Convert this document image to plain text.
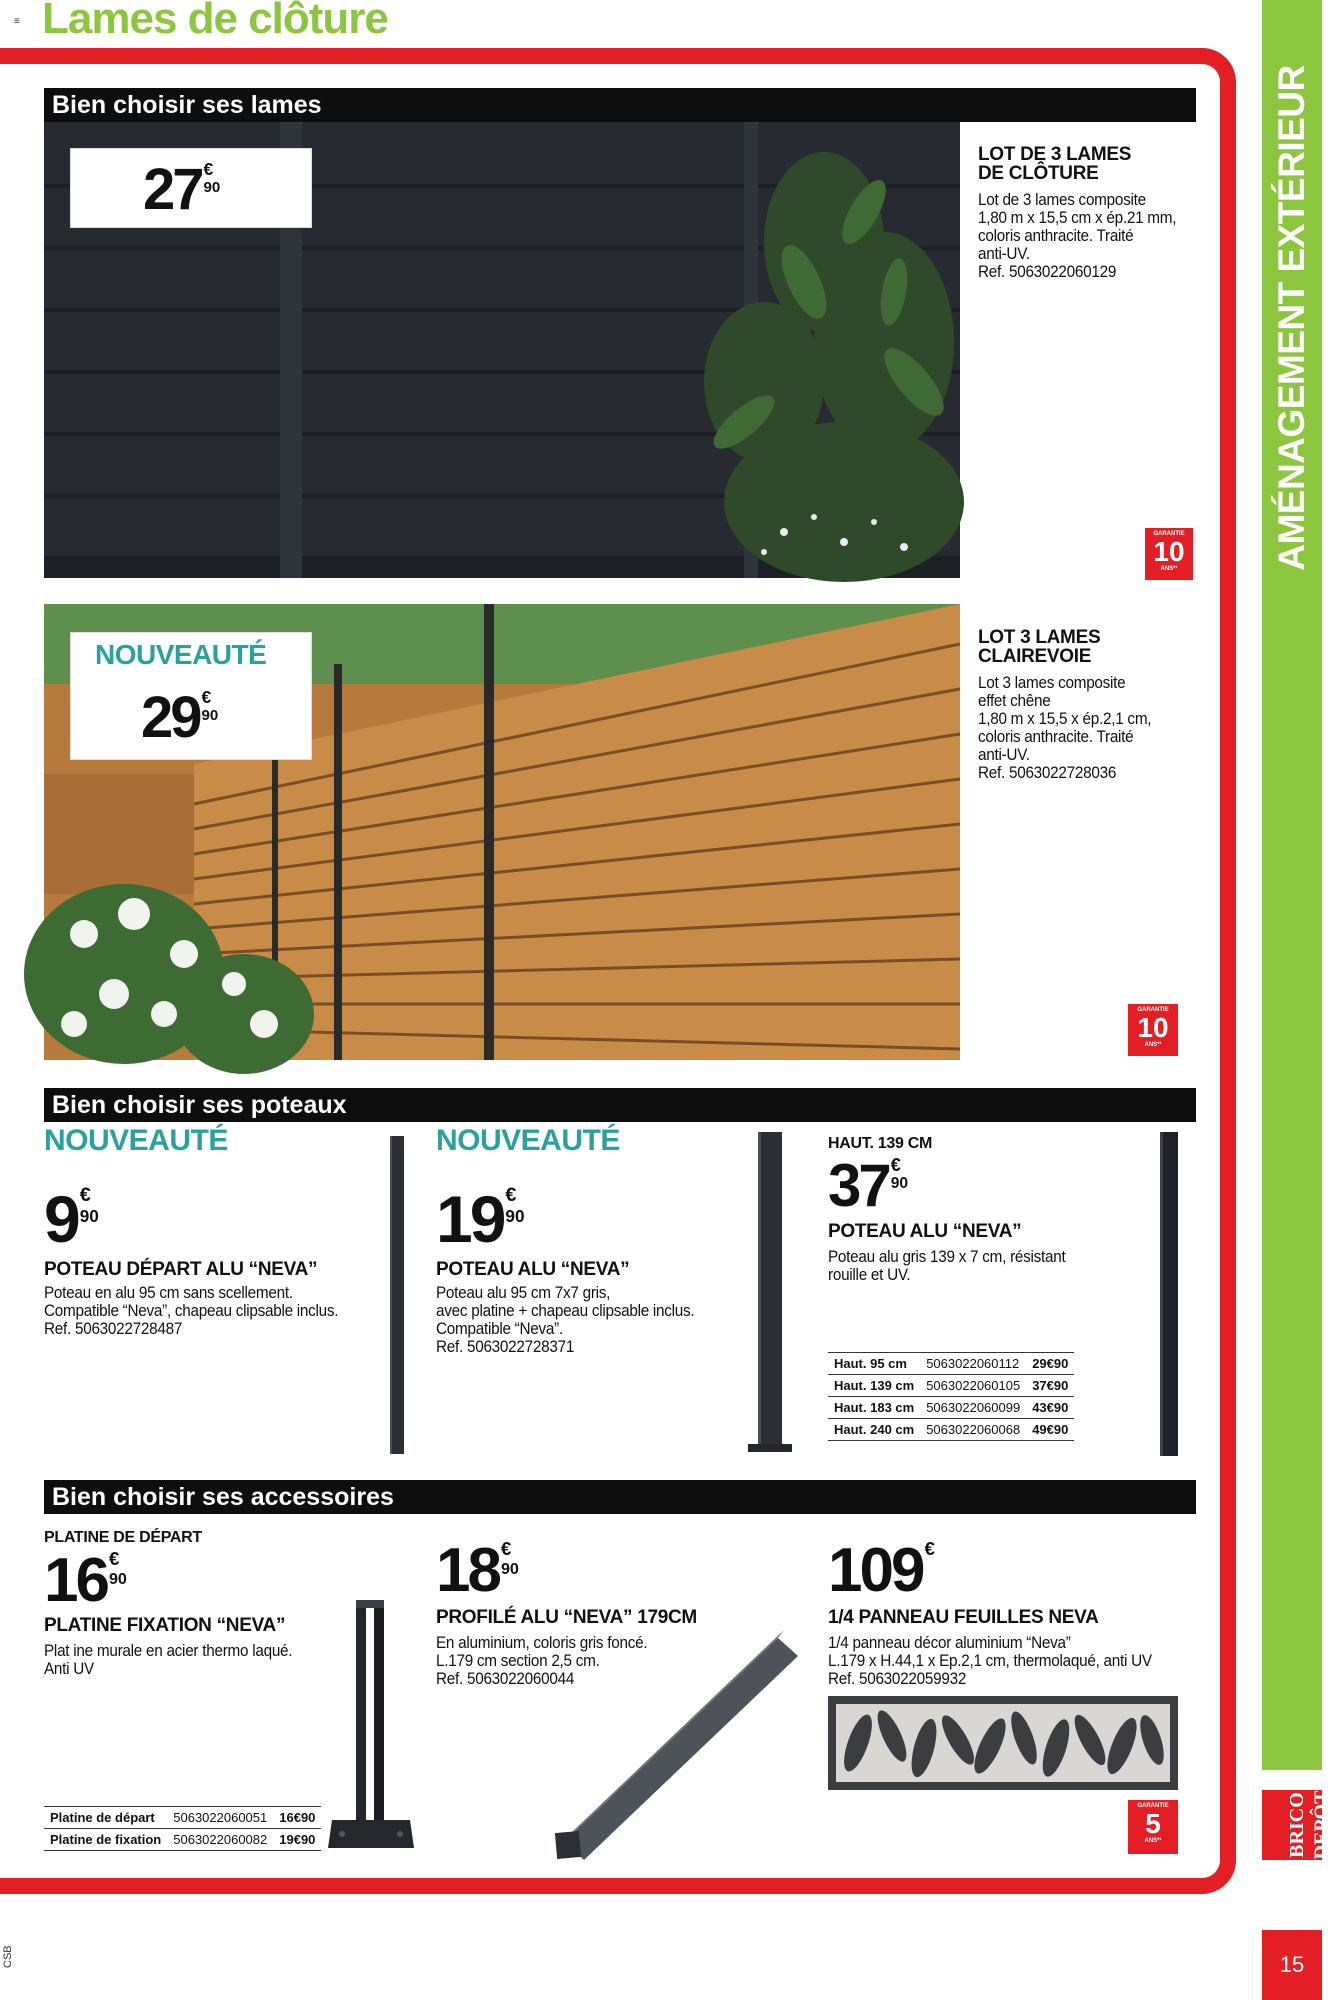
≡ Lames de clôture
AMÉNAGEMENT EXTÉRIEUR
BRICO DEPÔT
15
CSB
Bien choisir ses lames
27 €
90
LOT DE 3 LAMES
DE CLÔTURE
Lot de 3 lames composite
1,80 m x 15,5 cm x ép.21 mm,
coloris anthracite. Traité
anti-UV.
Ref. 5063022060129
GARANTIE
10
ANS*¹
NOUVEAUTÉ
29 €
90
LOT 3 LAMES
CLAIREVOIE
Lot 3 lames composite
effet chêne
1,80 m x 15,5 x ép.2,1 cm,
coloris anthracite. Traité
anti-UV.
Ref. 5063022728036
GARANTIE
10
ANS*¹
Bien choisir ses poteaux
NOUVEAUTÉ
9 €
90
POTEAU DÉPART ALU “NEVA”
Poteau en alu 95 cm sans scellement.
Compatible “Neva”, chapeau clipsable inclus.
Ref. 5063022728487
NOUVEAUTÉ
19 €
90
POTEAU ALU “NEVA”
Poteau alu 95 cm 7x7 gris,
avec platine + chapeau clipsable inclus.
Compatible “Neva”.
Ref. 5063022728371
HAUT. 139 CM
37 €
90
POTEAU ALU “NEVA”
Poteau alu gris 139 x 7 cm, résistant
rouille et UV.
Haut. 95 cm	5063022060112	29€90
Haut. 139 cm	5063022060105	37€90
Haut. 183 cm	5063022060099	43€90
Haut. 240 cm	5063022060068	49€90
Bien choisir ses accessoires
PLATINE DE DÉPART
16 €
90
PLATINE FIXATION “NEVA”
Plat ine murale en acier thermo laqué.
Anti UV
Platine de départ	5063022060051	16€90
Platine de fixation	5063022060082	19€90
18 €
90
PROFILÉ ALU “NEVA” 179CM
En aluminium, coloris gris foncé.
L.179 cm section 2,5 cm.
Ref. 5063022060044
109 €
1/4 PANNEAU FEUILLES NEVA
1/4 panneau décor aluminium “Neva”
L.179 x H.44,1 x Ep.2,1 cm, thermolaqué, anti UV
Ref. 5063022059932
GARANTIE
5
ANS*¹
